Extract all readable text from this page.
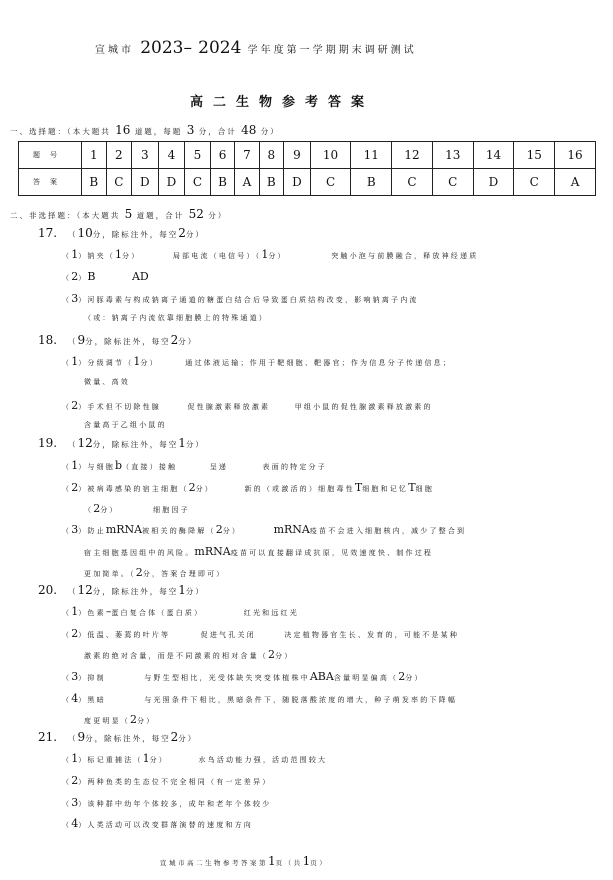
宣城市 2023– 2024 学年度第一学期期末调研测试
高二生物参考答案
一、选择题：（本大题共 16 道题，每题 3 分，合计 48 分）
题号	1	2	3	4	5	6	7	8	9	10	11	12	13	14	15	16
答案	B	C	D	D	C	B	A	B	D	C	B	C	C	D	C	A
二、非选择题：（本大题共 5 道题，合计 52 分）
17. （10分，除标注外，每空2分）
（1）钠夹（1分）	局部电流（电信号）（1分）	突触小泡与前膜融合，释放神经递质
（2）B	AD
（3）河豚毒素与构成钠离子通道的糖蛋白结合后导致蛋白质结构改变，影响钠离子内流
（或：钠离子内流依靠细胞膜上的特殊通道）
18. （9分，除标注外，每空2分）
（1）分级调节（1分）	通过体液运输；作用于靶细胞、靶器官；作为信息分子传递信息；
微量、高效
（2）手术但不切除性腺	促性腺激素释放激素	甲组小鼠的促性腺激素释放激素的
含量高于乙组小鼠的
19. （12分，除标注外，每空1分）
（1）与细胞b（直接）接触	呈递	表面的特定分子
（2）被病毒感染的宿主细胞（2分）	新的（或激活的）细胞毒性T细胞和记忆T细胞
（2分）	细胞因子
（3）防止mRNA被相关的酶降解（2分）	mRNA疫苗不会进入细胞核内，减少了整合到
宿主细胞基因组中的风险。mRNA疫苗可以直接翻译成抗原，见效速度快、制作过程
更加简单。（2分，答案合理即可）
20. （12分，除标注外，每空1分）
（1）色素–蛋白复合体（蛋白质）	红光和远红光
（2）低温、萎蔫的叶片等	促进气孔关闭	决定植物器官生长、发育的，可能不是某种
激素的绝对含量，而是不同激素的相对含量（2分）
（3）抑制	与野生型相比，光受体缺失突变体植株中ABA含量明显偏高（2分）
（4）黑暗	与光照条件下相比，黑暗条件下，随脱落酸浓度的增大，种子萌发率的下降幅
度更明显（2分）
21. （9分，除标注外，每空2分）
（1）标记重捕法（1分）	水鸟活动能力强，活动范围较大
（2）两种鱼类的生态位不完全相同（有一定差异）
（3）该种群中幼年个体较多，成年和老年个体较少
（4）人类活动可以改变群落演替的速度和方向
宣城市高二生物参考答案第1页（共1页）
